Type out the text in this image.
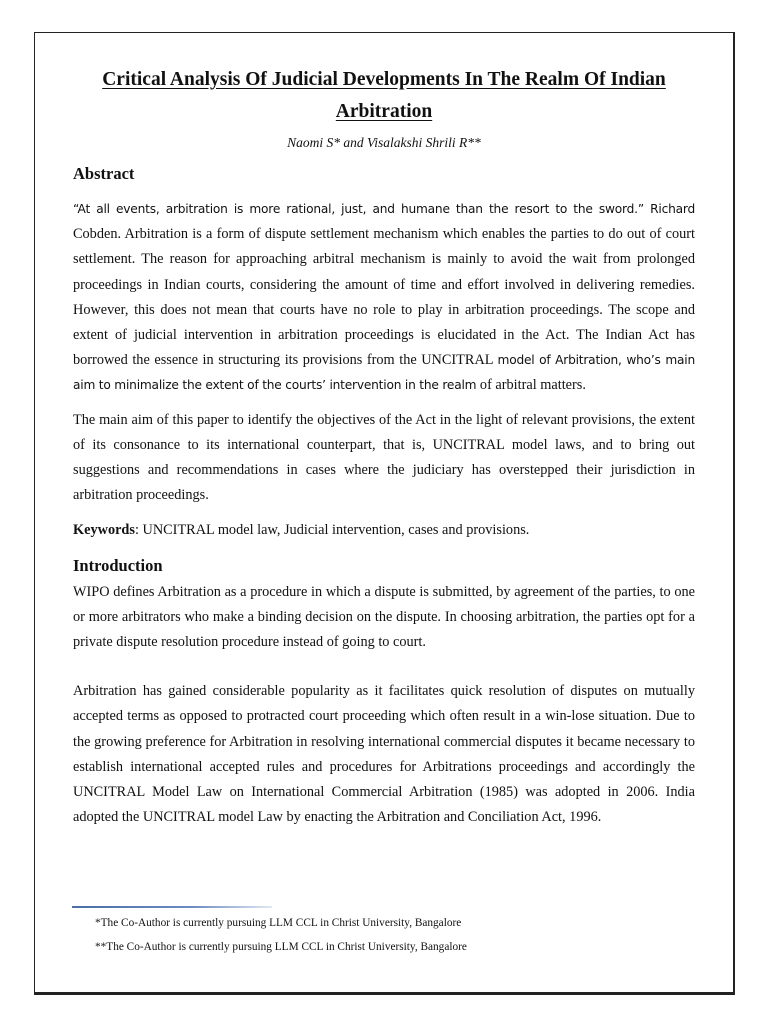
Critical Analysis Of Judicial Developments In The Realm Of Indian Arbitration
Naomi S* and Visalakshi Shrili R**
Abstract

“At all events, arbitration is more rational, just, and humane than the resort to the sword.” Richard Cobden. Arbitration is a form of dispute settlement mechanism which enables the parties to do out of court settlement. The reason for approaching arbitral mechanism is mainly to avoid the wait from prolonged proceedings in Indian courts, considering the amount of time and effort involved in delivering remedies. However, this does not mean that courts have no role to play in arbitration proceedings. The scope and extent of judicial intervention in arbitration proceedings is elucidated in the Act. The Indian Act has borrowed the essence in structuring its provisions from the UNCITRAL model of Arbitration, who’s main aim to minimalize the extent of the courts’ intervention in the realm of arbitral matters.

The main aim of this paper to identify the objectives of the Act in the light of relevant provisions, the extent of its consonance to its international counterpart, that is, UNCITRAL model laws, and to bring out suggestions and recommendations in cases where the judiciary has overstepped their jurisdiction in arbitration proceedings.

Keywords: UNCITRAL model law, Judicial intervention, cases and provisions.

Introduction

WIPO defines Arbitration as a procedure in which a dispute is submitted, by agreement of the parties, to one or more arbitrators who make a binding decision on the dispute. In choosing arbitration, the parties opt for a private dispute resolution procedure instead of going to court.

Arbitration has gained considerable popularity as it facilitates quick resolution of disputes on mutually accepted terms as opposed to protracted court proceeding which often result in a win-lose situation. Due to the growing preference for Arbitration in resolving international commercial disputes it became necessary to establish international accepted rules and procedures for Arbitrations proceedings and accordingly the UNCITRAL Model Law on International Commercial Arbitration (1985) was adopted in 2006. India adopted the UNCITRAL model Law by enacting the Arbitration and Conciliation Act, 1996.

*The Co-Author is currently pursuing LLM CCL in Christ University, Bangalore

**The Co-Author is currently pursuing LLM CCL in Christ University, Bangalore
